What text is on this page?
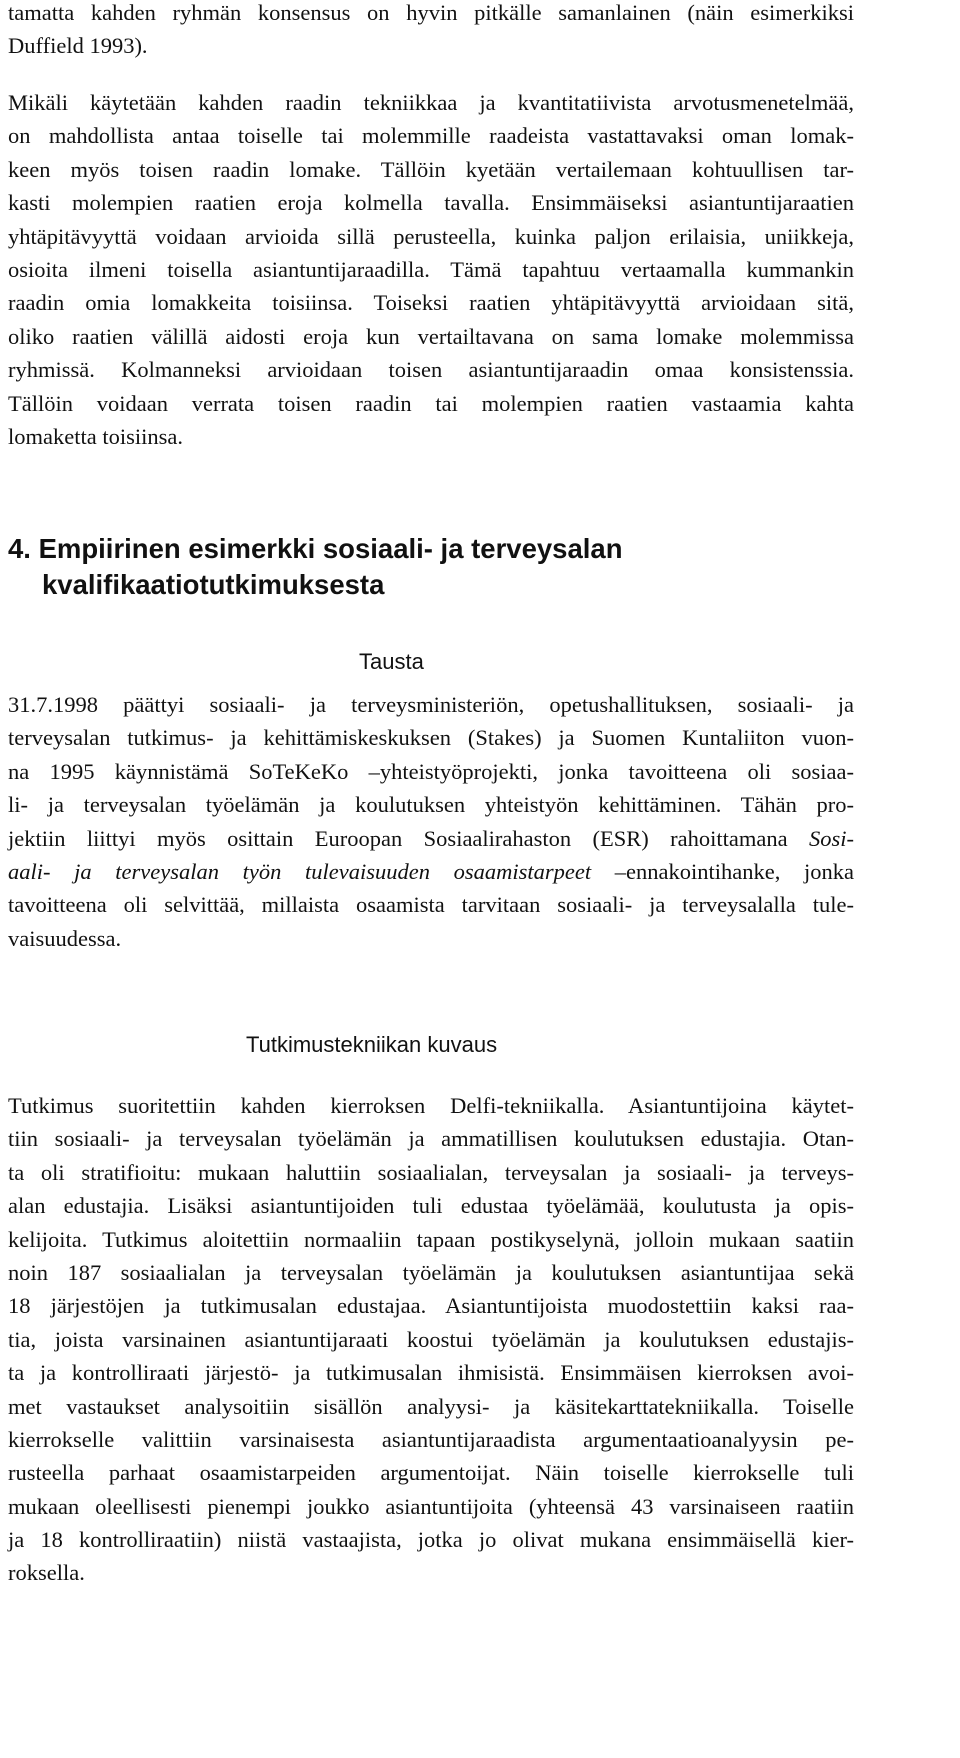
tamatta kahden ryhmän konsensus on hyvin pitkälle samanlainen (näin esimerkiksi
Duffield 1993).
Mikäli käytetään kahden raadin tekniikkaa ja kvantitatiivista arvotusmenetelmää,
on mahdollista antaa toiselle tai molemmille raadeista vastattavaksi oman lomak-
keen myös toisen raadin lomake. Tällöin kyetään vertailemaan kohtuullisen tar-
kasti molempien raatien eroja kolmella tavalla. Ensimmäiseksi asiantuntijaraatien
yhtäpitävyyttä voidaan arvioida sillä perusteella, kuinka paljon erilaisia, uniikkeja,
osioita ilmeni toisella asiantuntijaraadilla. Tämä tapahtuu vertaamalla kummankin
raadin omia lomakkeita toisiinsa. Toiseksi raatien yhtäpitävyyttä arvioidaan sitä,
oliko raatien välillä aidosti eroja kun vertailtavana on sama lomake molemmissa
ryhmissä. Kolmanneksi arvioidaan toisen asiantuntijaraadin omaa konsistenssia.
Tällöin voidaan verrata toisen raadin tai molempien raatien vastaamia kahta
lomaketta toisiinsa.
4. Empiirinen esimerkki sosiaali- ja terveysalan
kvalifikaatiotutkimuksesta
Tausta
31.7.1998 päättyi sosiaali- ja terveysministeriön, opetushallituksen, sosiaali- ja
terveysalan tutkimus- ja kehittämiskeskuksen (Stakes) ja Suomen Kuntaliiton vuon-
na 1995 käynnistämä SoTeKeKo –yhteistyöprojekti, jonka tavoitteena oli sosiaa-
li- ja terveysalan työelämän ja koulutuksen yhteistyön kehittäminen. Tähän pro-
jektiin liittyi myös osittain Euroopan Sosiaalirahaston (ESR) rahoittamana Sosi-
aali- ja terveysalan työn tulevaisuuden osaamistarpeet –ennakointihanke, jonka
tavoitteena oli selvittää, millaista osaamista tarvitaan sosiaali- ja terveysalalla tule-
vaisuudessa.
Tutkimustekniikan kuvaus
Tutkimus suoritettiin kahden kierroksen Delfi-tekniikalla. Asiantuntijoina käytet-
tiin sosiaali- ja terveysalan työelämän ja ammatillisen koulutuksen edustajia. Otan-
ta oli stratifioitu: mukaan haluttiin sosiaalialan, terveysalan ja sosiaali- ja terveys-
alan edustajia. Lisäksi asiantuntijoiden tuli edustaa työelämää, koulutusta ja opis-
kelijoita. Tutkimus aloitettiin normaaliin tapaan postikyselynä, jolloin mukaan saatiin
noin 187 sosiaalialan ja terveysalan työelämän ja koulutuksen asiantuntijaa sekä
18 järjestöjen ja tutkimusalan edustajaa. Asiantuntijoista muodostettiin kaksi raa-
tia, joista varsinainen asiantuntijaraati koostui työelämän ja koulutuksen edustajis-
ta ja kontrolliraati järjestö- ja tutkimusalan ihmisistä. Ensimmäisen kierroksen avoi-
met vastaukset analysoitiin sisällön analyysi- ja käsitekarttatekniikalla. Toiselle
kierrokselle valittiin varsinaisesta asiantuntijaraadista argumentaatioanalyysin pe-
rusteella parhaat osaamistarpeiden argumentoijat. Näin toiselle kierrokselle tuli
mukaan oleellisesti pienempi joukko asiantuntijoita (yhteensä 43 varsinaiseen raatiin
ja 18 kontrolliraatiin) niistä vastaajista, jotka jo olivat mukana ensimmäisellä kier-
roksella.
